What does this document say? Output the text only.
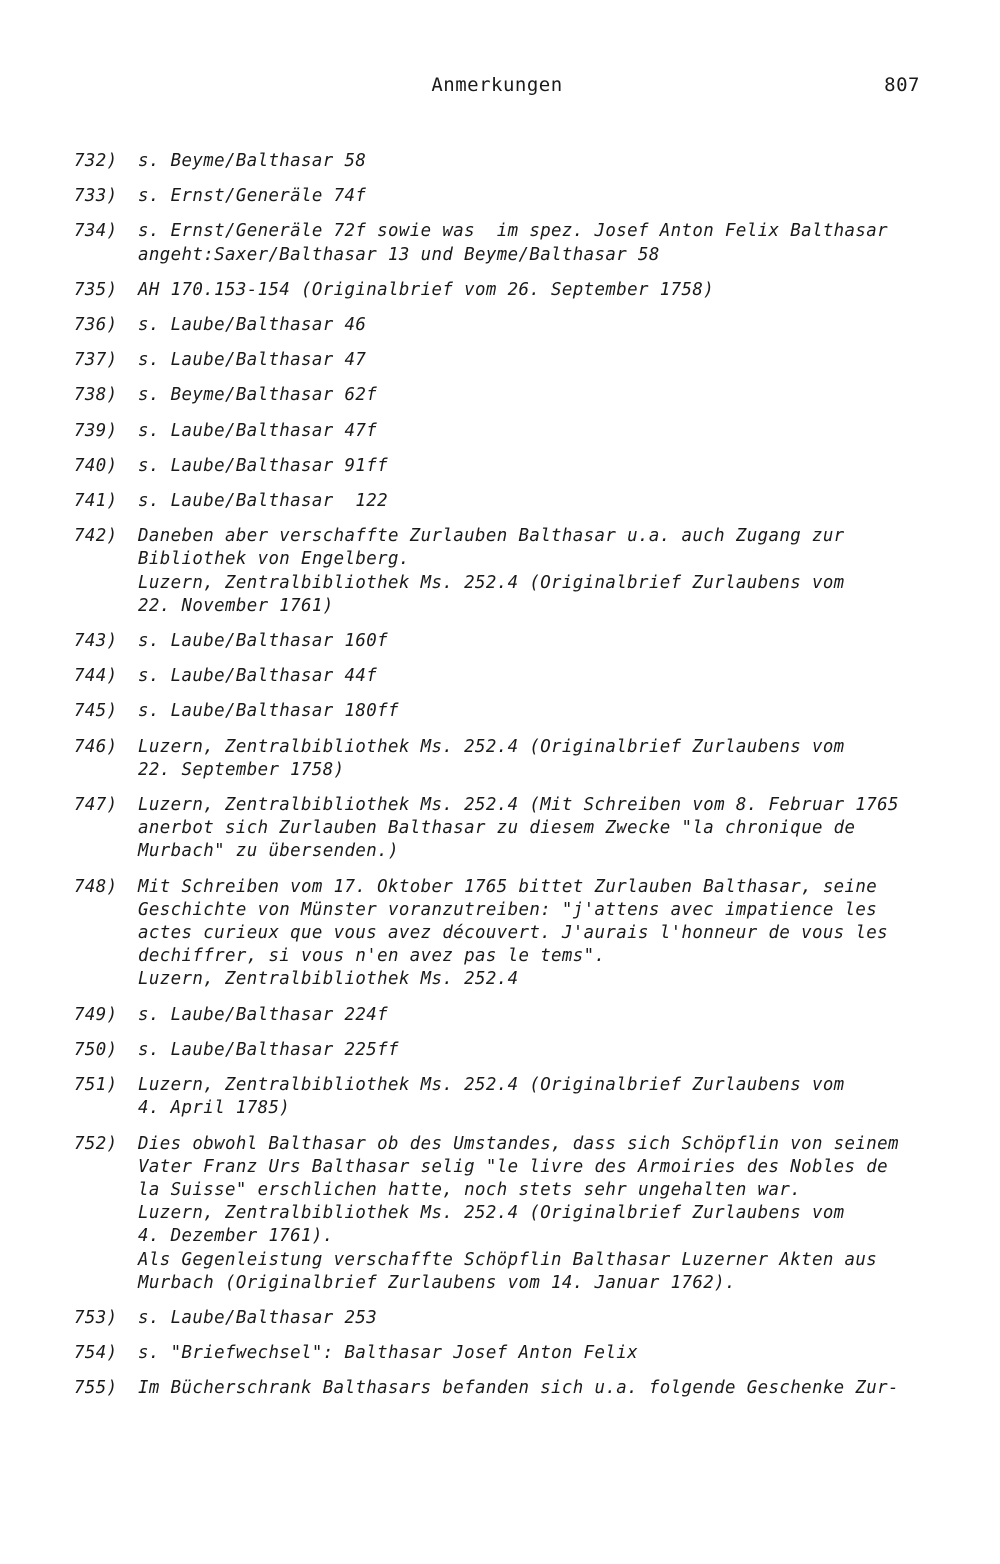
Anmerkungen	807
732)	s. Beyme/Balthasar 58
733)	s. Ernst/Generäle 74f
734)	s. Ernst/Generäle 72f sowie was  im spez. Josef Anton Felix Balthasar
angeht:Saxer/Balthasar 13 und Beyme/Balthasar 58
735)	AH 170.153-154 (Originalbrief vom 26. September 1758)
736)	s. Laube/Balthasar 46
737)	s. Laube/Balthasar 47
738)	s. Beyme/Balthasar 62f
739)	s. Laube/Balthasar 47f
740)	s. Laube/Balthasar 91ff
741)	s. Laube/Balthasar  122
742)	Daneben aber verschaffte Zurlauben Balthasar u.a. auch Zugang zur
Bibliothek von Engelberg.
Luzern, Zentralbibliothek Ms. 252.4 (Originalbrief Zurlaubens vom
22. November 1761)
743)	s. Laube/Balthasar 160f
744)	s. Laube/Balthasar 44f
745)	s. Laube/Balthasar 180ff
746)	Luzern, Zentralbibliothek Ms. 252.4 (Originalbrief Zurlaubens vom
22. September 1758)
747)	Luzern, Zentralbibliothek Ms. 252.4 (Mit Schreiben vom 8. Februar 1765
anerbot sich Zurlauben Balthasar zu diesem Zwecke "la chronique de
Murbach" zu übersenden.)
748)	Mit Schreiben vom 17. Oktober 1765 bittet Zurlauben Balthasar, seine
Geschichte von Münster voranzutreiben: "j'attens avec impatience les
actes curieux que vous avez découvert. J'aurais l'honneur de vous les
dechiffrer, si vous n'en avez pas le tems".
Luzern, Zentralbibliothek Ms. 252.4
749)	s. Laube/Balthasar 224f
750)	s. Laube/Balthasar 225ff
751)	Luzern, Zentralbibliothek Ms. 252.4 (Originalbrief Zurlaubens vom
4. April 1785)
752)	Dies obwohl Balthasar ob des Umstandes, dass sich Schöpflin von seinem
Vater Franz Urs Balthasar selig "le livre des Armoiries des Nobles de
la Suisse" erschlichen hatte, noch stets sehr ungehalten war.
Luzern, Zentralbibliothek Ms. 252.4 (Originalbrief Zurlaubens vom
4. Dezember 1761).
Als Gegenleistung verschaffte Schöpflin Balthasar Luzerner Akten aus
Murbach (Originalbrief Zurlaubens vom 14. Januar 1762).
753)	s. Laube/Balthasar 253
754)	s. "Briefwechsel": Balthasar Josef Anton Felix
755)	Im Bücherschrank Balthasars befanden sich u.a. folgende Geschenke Zur-
